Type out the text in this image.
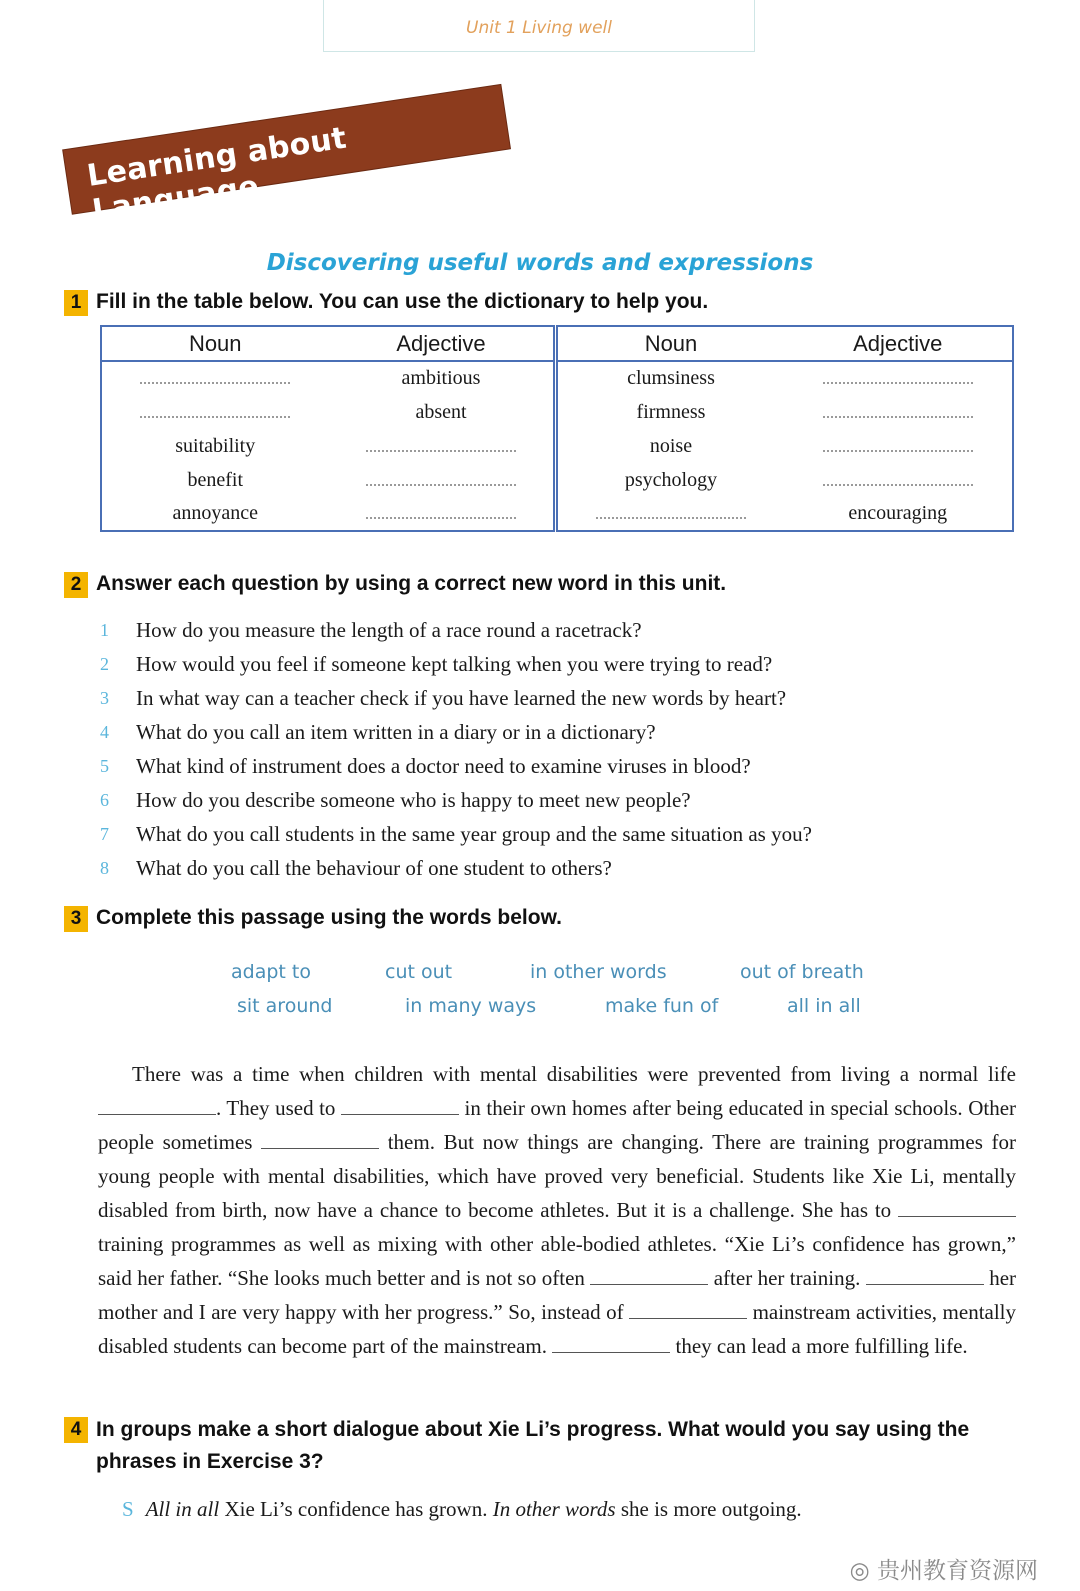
Unit 1 Living well
Learning about Language
Discovering useful words and expressions
1 Fill in the table below. You can use the dictionary to help you.
Noun	Adjective	Noun	Adjective
	ambitious	clumsiness	
	absent	firmness	
suitability		noise	
benefit		psychology	
annoyance			encouraging
2 Answer each question by using a correct new word in this unit.
1	How do you measure the length of a race round a racetrack?
2	How would you feel if someone kept talking when you were trying to read?
3	In what way can a teacher check if you have learned the new words by heart?
4	What do you call an item written in a diary or in a dictionary?
5	What kind of instrument does a doctor need to examine viruses in blood?
6	How do you describe someone who is happy to meet new people?
7	What do you call students in the same year group and the same situation as you?
8	What do you call the behaviour of one student to others?
3 Complete this passage using the words below.
adapt to	cut out	in other words	out of breath
sit around	in many ways	make fun of	all in all

There was a time when children with mental disabilities were prevented from living a normal life . They used to	in their own homes after being educated in special schools. Other people sometimes	them. But now things are changing. There are training programmes for young people with mental disabilities, which have proved very beneficial. Students like Xie Li, mentally disabled from birth, now have a chance to become athletes. But it is a challenge. She has to  training programmes as well as mixing with other able-bodied athletes. “Xie Li’s confidence has grown,” said her father. “She looks much better and is not so often	after her training.	her mother and I are very happy with her progress.” So, instead of	mainstream activities, mentally disabled students can become part of the mainstream.	they can lead a more fulfilling life.

4 In groups make a short dialogue about Xie Li’s progress. What would you say using the phrases in Exercise 3?
S All in all Xie Li’s confidence has grown. In other words she is more outgoing.
◎ 贵州教育资源网
